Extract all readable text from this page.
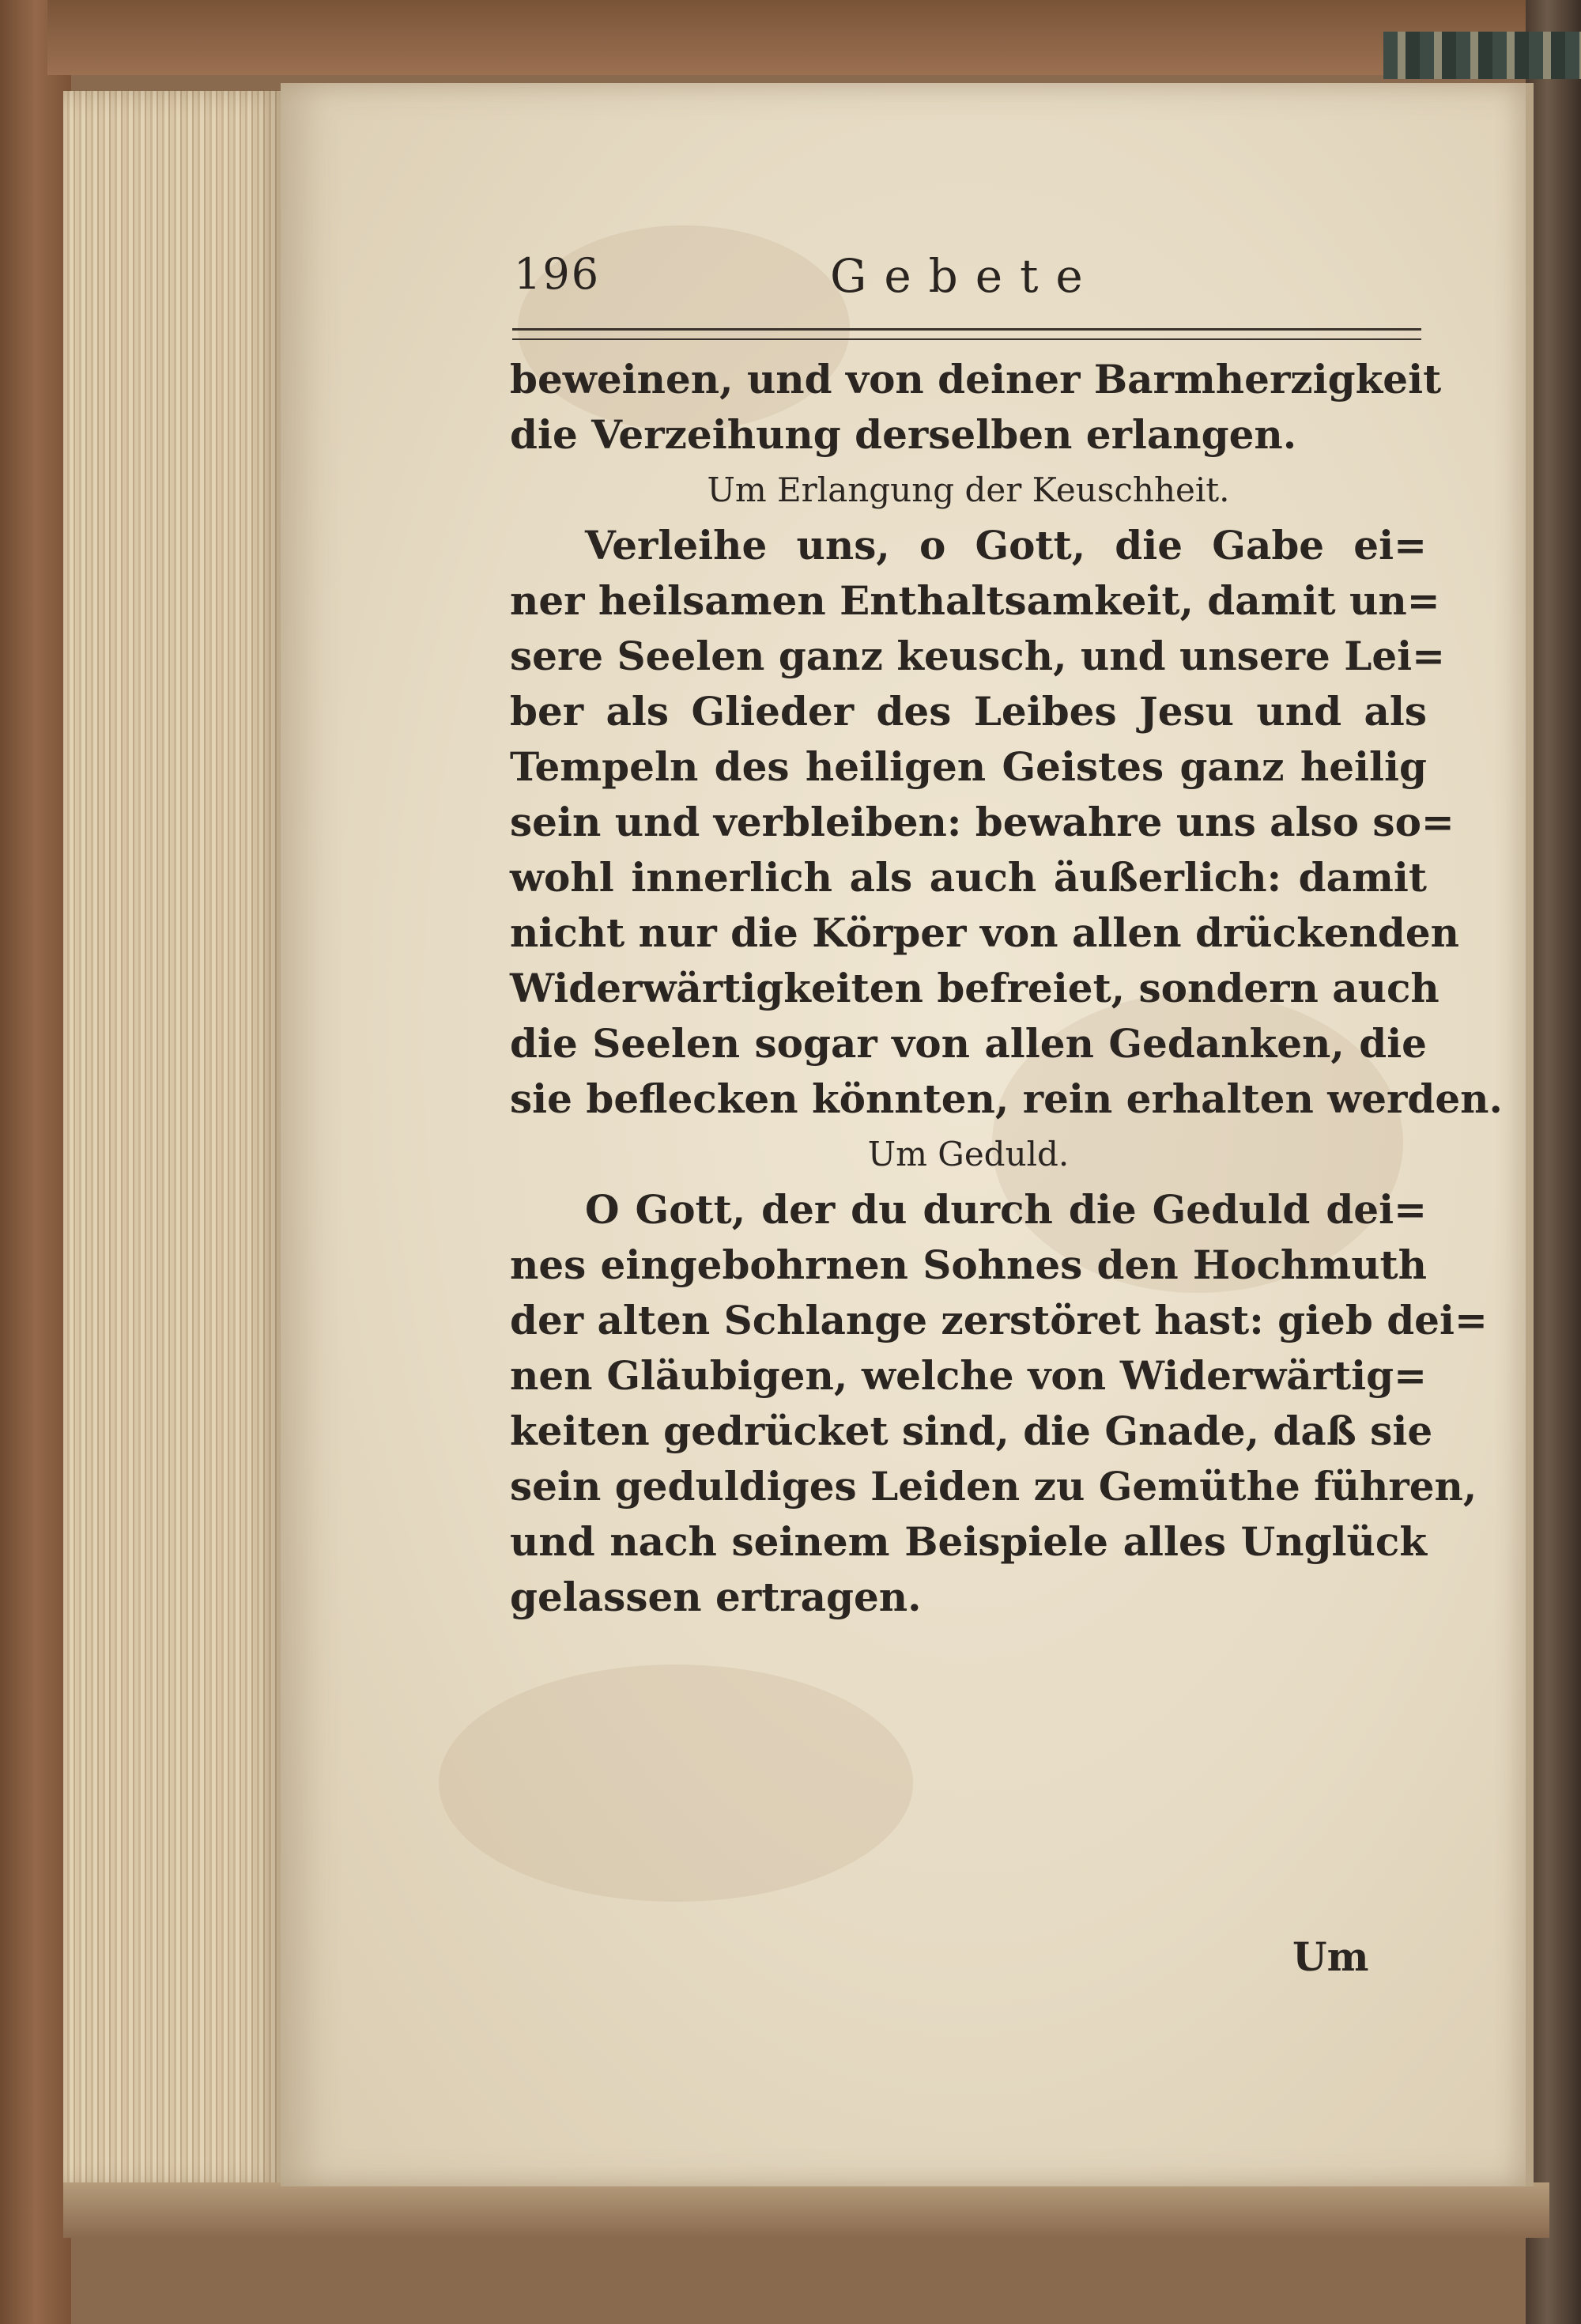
196	Gebete
beweinen, und von deiner Barmherzigkeit
die Verzeihung derselben erlangen.
Um Erlangung der Keuschheit.
Verleihe uns, o Gott, die Gabe ei=
ner heilsamen Enthaltsamkeit, damit un=
sere Seelen ganz keusch, und unsere Lei=
ber als Glieder des Leibes Jesu und als
Tempeln des heiligen Geistes ganz heilig
sein und verbleiben: bewahre uns also so=
wohl innerlich als auch äußerlich: damit
nicht nur die Körper von allen drückenden
Widerwärtigkeiten befreiet, sondern auch
die Seelen sogar von allen Gedanken, die
sie beflecken könnten, rein erhalten werden.
Um Geduld.
O Gott, der du durch die Geduld dei=
nes eingebohrnen Sohnes den Hochmuth
der alten Schlange zerstöret hast: gieb dei=
nen Gläubigen, welche von Widerwärtig=
keiten gedrücket sind, die Gnade, daß sie
sein geduldiges Leiden zu Gemüthe führen,
und nach seinem Beispiele alles Unglück
gelassen ertragen.
Um
